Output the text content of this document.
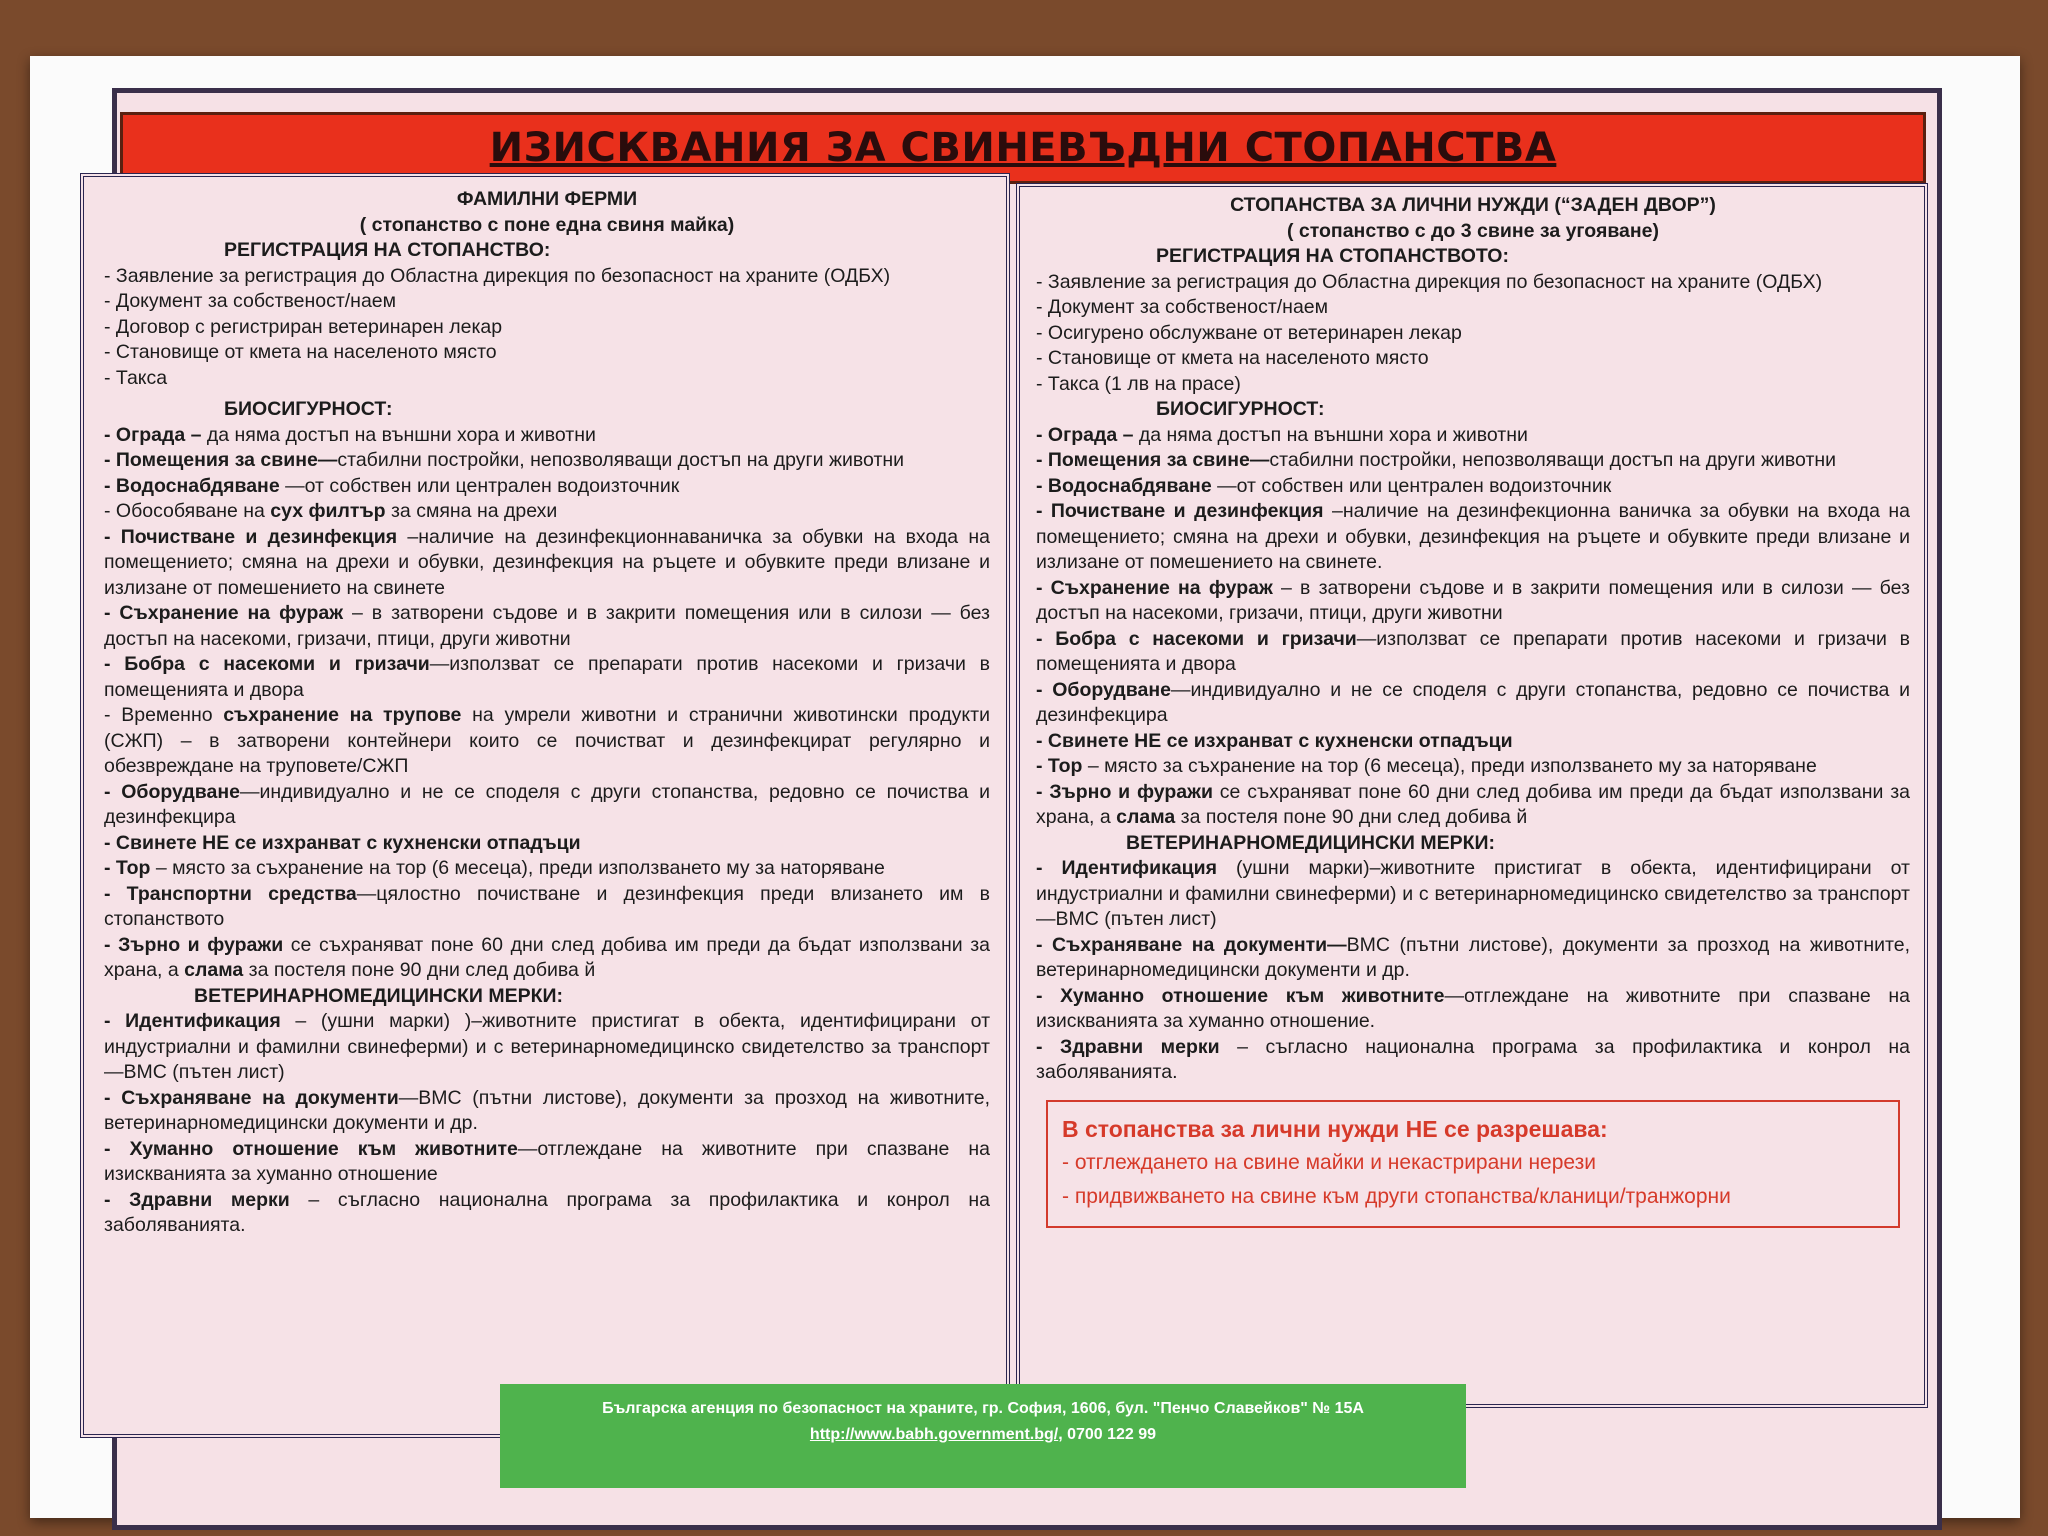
ИЗИСКВАНИЯ ЗА СВИНЕВЪДНИ СТОПАНСТВА

ФАМИЛНИ ФЕРМИ

( стопанство с поне една свиня майка)

РЕГИСТРАЦИЯ НА СТОПАНСТВО:

- Заявление за регистрация до Областна дирекция по безопасност на храните (ОДБХ)

- Документ за собственост/наем

- Договор с регистриран ветеринарен лекар

- Становище от кмета на населеното място

- Такса

БИОСИГУРНОСТ:

- Ограда – да няма достъп на външни хора и животни

- Помещения за свине—стабилни постройки, непозволяващи достъп на други животни

- Водоснабдяване —от собствен или централен водоизточник

- Обособяване на сух филтър за смяна на дрехи

- Почистване и дезинфекция –наличие на дезинфекционнаваничка за обувки на входа на помещението; смяна на дрехи и обувки, дезинфекция на ръцете и обувките преди влизане и излизане от помешението на свинете

- Съхранение на фураж – в затворени съдове и в закрити помещения или в силози — без достъп на насекоми, гризачи, птици, други животни

- Бобра с насекоми и гризачи—използват се препарати против насекоми и гризачи в помещенията и двора

- Временно съхранение на трупове на умрели животни и странични животински продукти (СЖП) – в затворени контейнери които се почистват и дезинфекцират регулярно и обезвреждане на труповете/СЖП

- Оборудване—индивидуално и не се споделя с други стопанства, редовно се почиства и дезинфекцира

- Свинете НЕ се изхранват с кухненски отпадъци

- Тор – място за съхранение на тор (6 месеца), преди използването му за наторяване

- Транспортни средства—цялостно почистване и дезинфекция преди влизането им в стопанството

- Зърно и фуражи се съхраняват поне 60 дни след добива им преди да бъдат използвани за храна, а слама за постеля поне 90 дни след добива й

ВЕТЕРИНАРНОМЕДИЦИНСКИ МЕРКИ:

- Идентификация – (ушни марки) )–животните пристигат в обекта, идентифицирани от индустриални и фамилни свинеферми) и с ветеринарномедицинско свидетелство за транспорт—ВМС (пътен лист)

- Съхраняване на документи—ВМС (пътни листове), документи за прозход на животните, ветеринарномедицински документи и др.

- Хуманно отношение към животните—отглеждане на животните при спазване на изискванията за хуманно отношение

- Здравни мерки – съгласно национална програма за профилактика и конрол на заболяванията.

СТОПАНСТВА ЗА ЛИЧНИ НУЖДИ (“ЗАДЕН ДВОР”)

( стопанство с до 3 свине за угояване)

РЕГИСТРАЦИЯ НА СТОПАНСТВОТО:

- Заявление за регистрация до Областна дирекция по безопасност на храните (ОДБХ)

- Документ за собственост/наем

- Осигурено обслужване от ветеринарен лекар

- Становище от кмета на населеното място

- Такса (1 лв на прасе)

БИОСИГУРНОСТ:

- Ограда – да няма достъп на външни хора и животни

- Помещения за свине—стабилни постройки, непозволяващи достъп на други животни

- Водоснабдяване —от собствен или централен водоизточник

- Почистване и дезинфекция –наличие на дезинфекционна ваничка за обувки на входа на помещението; смяна на дрехи и обувки, дезинфекция на ръцете и обувките преди влизане и излизане от помешението на свинете.

- Съхранение на фураж – в затворени съдове и в закрити помещения или в силози — без достъп на насекоми, гризачи, птици, други животни

- Бобра с насекоми и гризачи—използват се препарати против насекоми и гризачи в помещенията и двора

- Оборудване—индивидуално и не се споделя с други стопанства, редовно се почиства и дезинфекцира

- Свинете НЕ се изхранват с кухненски отпадъци

- Тор – място за съхранение на тор (6 месеца), преди използването му за наторяване

- Зърно и фуражи се съхраняват поне 60 дни след добива им преди да бъдат използвани за храна, а слама за постеля поне 90 дни след добива й

ВЕТЕРИНАРНОМЕДИЦИНСКИ МЕРКИ:

- Идентификация (ушни марки)–животните пристигат в обекта, идентифицирани от индустриални и фамилни свинеферми) и с ветеринарномедицинско свидетелство за транспорт—ВМС (пътен лист)

- Съхраняване на документи—ВМС (пътни листове), документи за прозход на животните, ветеринарномедицински документи и др.

- Хуманно отношение към животните—отглеждане на животните при спазване на изискванията за хуманно отношение.

- Здравни мерки – съгласно национална програма за профилактика и конрол на заболяванията.

В стопанства за лични нужди НЕ се разрешава:
- отглеждането на свине майки и некастрирани нерези
- придвижването на свине към други стопанства/кланици/транжорни
Българска агенция по безопасност на храните, гр. София, 1606, бул. "Пенчо Славейков" № 15А
http://www.babh.government.bg/, 0700 122 99
